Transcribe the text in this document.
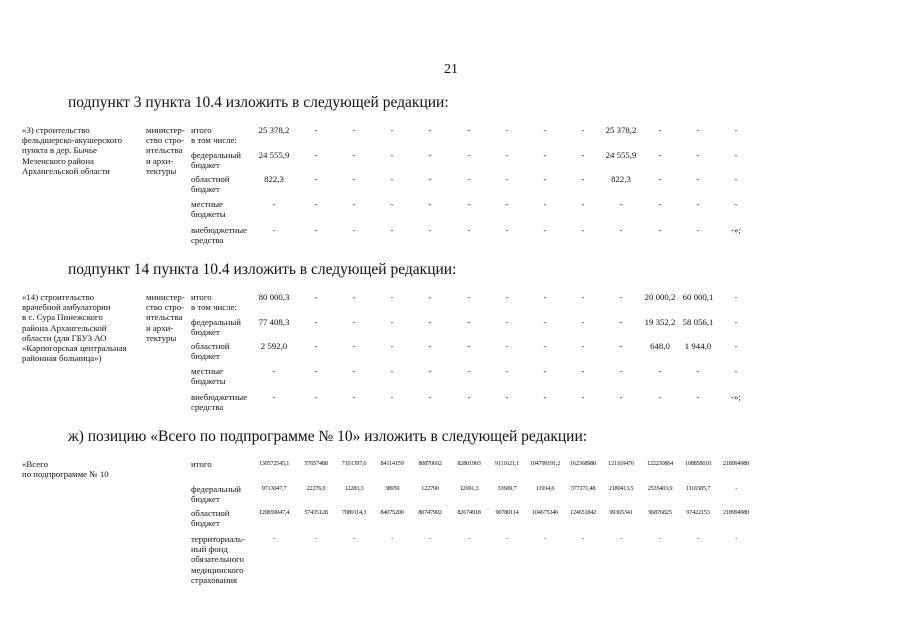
21
подпункт 3 пункта 10.4 изложить в следующей редакции:
«3) строительство
фельдшерско-акушерского
пункта в дер. Бычье
Мезенского района
Архангельской области
министер-
ство стро-
ительства
и архи-
тектуры
итого
в том числе:
25 378,2	-	-	-	-	-	-	-	- 25 378,2	-	-	-
федеральный
бюджет
24 555,9	-	-	-	-	-	-	-	- 24 555,9	-	-	-
областной
бюджет
822,3	-	-	-	-	-	-	-	-	822,3	-	-	-
местные
бюджеты
-	-	-	-	-	-	-	-	-	-	-	-	-
внебюджетные
средства
-	-	-	-	-	-	-	-	-	-	-	-	-»;
подпункт 14 пункта 10.4 изложить в следующей редакции:
«14) строительство
врачебной амбулатории
в с. Сура Пинежского
района Архангельской
области (для ГБУЗ АО
«Карпогорская центральная
районная больница»)
министер-
ство стро-
ительства
и архи-
тектуры
итого
в том числе:
80 000,3	-	-	-	-	-	-	-	-	-	20 000,2 60 000,1 -
федеральный
бюджет
77 408,3	-	-	-	-	-	-	-	-	-	19 352,2 58 056,1 -
областной
бюджет
2 592,0	-	-	-	-	-	-	-	-	-	648,0 1 944,0	-
местные
бюджеты
-	-	-	-	-	-	-	-	-	-	-	-	-
внебюджетные
средства
-	-	-	-	-	-	-	-	-	-	-	-	-»;
ж) позицию «Всего по подпрограмме № 10» изложить в следующей редакции:
«Всего
по подпрограмме № 10
итого	130572545,1 57657488 7101397,6 84114159 80870692	82801903 9111621,1 104799191,2 162368980 121169476 122230864 108858010 218994980
федеральный
бюджет
9713047,7	22276,0	12283,3	38959	122790	12691,3	33609,7	11934,6	377171,48 2180413,5 2535403,9 1116585,7	-
областной
бюджет
120859047,4 57435128 7089114,3 84075200 80747902	82674918 90780114 104675346 124651842 99365341	96876825 97422153 218994980
территориаль-
ный фонд
обязательного
медицинского
страхования
-	-	-	-	-	-	-	-	-	-	-	-	-
